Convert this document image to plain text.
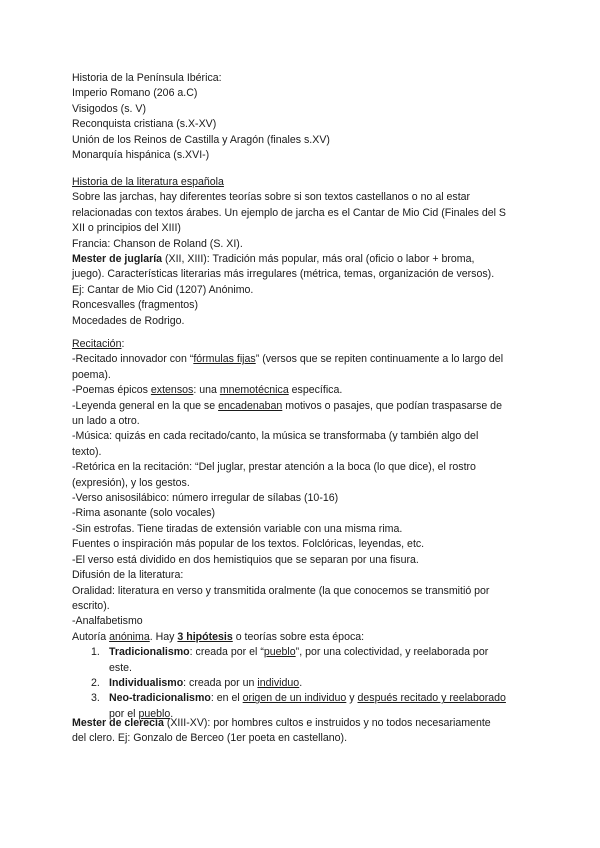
Historia de la Península Ibérica:
Imperio Romano (206 a.C)
Visigodos (s. V)
Reconquista cristiana (s.X-XV)
Unión de los Reinos de Castilla y Aragón (finales s.XV)
Monarquía hispánica (s.XVI-)
Historia de la literatura española
Sobre las jarchas, hay diferentes teorías sobre si son textos castellanos o no al estar
relacionadas con textos árabes. Un ejemplo de jarcha es el Cantar de Mio Cid (Finales del S
XII o principios del XIII)
Francia: Chanson de Roland (S. XI).
Mester de juglaría (XII, XIII): Tradición más popular, más oral (oficio o labor + broma,
juego). Características literarias más irregulares (métrica, temas, organización de versos).
Ej: Cantar de Mio Cid (1207) Anónimo.
Roncesvalles (fragmentos)
Mocedades de Rodrigo.
Recitación:
-Recitado innovador con “fórmulas fijas” (versos que se repiten continuamente a lo largo del
poema).
-Poemas épicos extensos: una mnemotécnica específica.
-Leyenda general en la que se encadenaban motivos o pasajes, que podían traspasarse de
un lado a otro.
-Música: quizás en cada recitado/canto, la música se transformaba (y también algo del
texto).
-Retórica en la recitación: “Del juglar, prestar atención a la boca (lo que dice), el rostro
(expresión), y los gestos.
-Verso anisosilábico: número irregular de sílabas (10-16)
-Rima asonante (solo vocales)
-Sin estrofas. Tiene tiradas de extensión variable con una misma rima.
Fuentes o inspiración más popular de los textos. Folclóricas, leyendas, etc.
-El verso está dividido en dos hemistiquios que se separan por una fisura.
Difusión de la literatura:
Oralidad: literatura en verso y transmitida oralmente (la que conocemos se transmitió por
escrito).
-Analfabetismo
Autoría anónima. Hay 3 hipótesis o teorías sobre esta época:
1. Tradicionalismo: creada por el “pueblo”, por una colectividad, y reelaborada por
este.
2. Individualismo: creada por un individuo.
3. Neo-tradicionalismo: en el origen de un individuo y después recitado y reelaborado
por el pueblo.
Mester de clerecía (XIII-XV): por hombres cultos e instruidos y no todos necesariamente
del clero. Ej: Gonzalo de Berceo (1er poeta en castellano).
